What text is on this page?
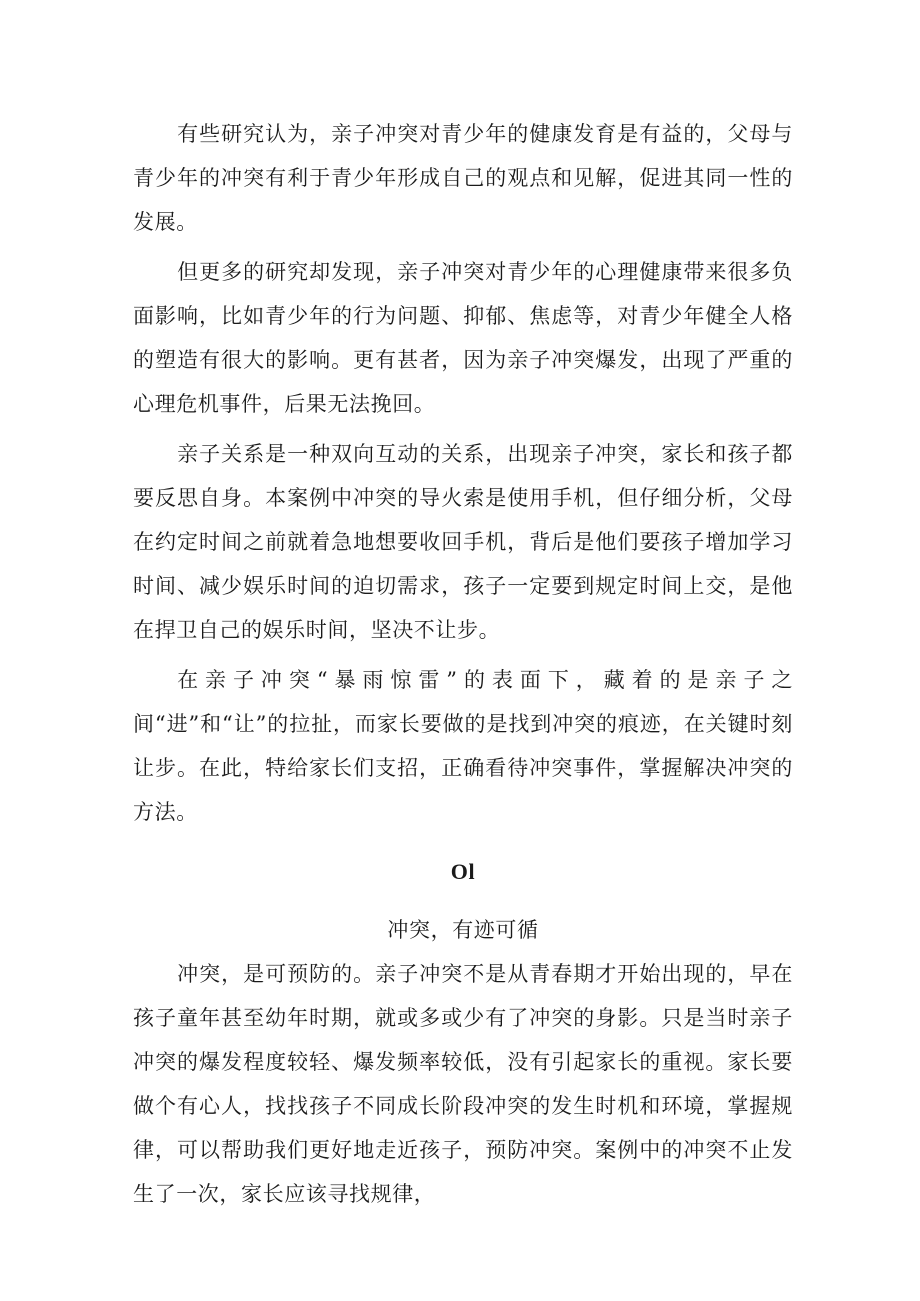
有些研究认为，亲子冲突对青少年的健康发育是有益的，父母与青少年的冲突有利于青少年形成自己的观点和见解，促进其同一性的发展。

但更多的研究却发现，亲子冲突对青少年的心理健康带来很多负面影响，比如青少年的行为问题、抑郁、焦虑等，对青少年健全人格的塑造有很大的影响。更有甚者，因为亲子冲突爆发，出现了严重的心理危机事件，后果无法挽回。

亲子关系是一种双向互动的关系，出现亲子冲突，家长和孩子都要反思自身。本案例中冲突的导火索是使用手机，但仔细分析，父母在约定时间之前就着急地想要收回手机，背后是他们要孩子增加学习时间、减少娱乐时间的迫切需求，孩子一定要到规定时间上交，是他在捍卫自己的娱乐时间，坚决不让步。

在亲子冲突“暴雨惊雷”的表面下，藏着的是亲子之间“进”和“让”的拉扯，而家长要做的是找到冲突的痕迹，在关键时刻让步。在此，特给家长们支招，正确看待冲突事件，掌握解决冲突的方法。

Ol
冲突，有迹可循

冲突，是可预防的。亲子冲突不是从青春期才开始出现的，早在孩子童年甚至幼年时期，就或多或少有了冲突的身影。只是当时亲子冲突的爆发程度较轻、爆发频率较低，没有引起家长的重视。家长要做个有心人，找找孩子不同成长阶段冲突的发生时机和环境，掌握规律，可以帮助我们更好地走近孩子，预防冲突。案例中的冲突不止发生了一次，家长应该寻找规律，
